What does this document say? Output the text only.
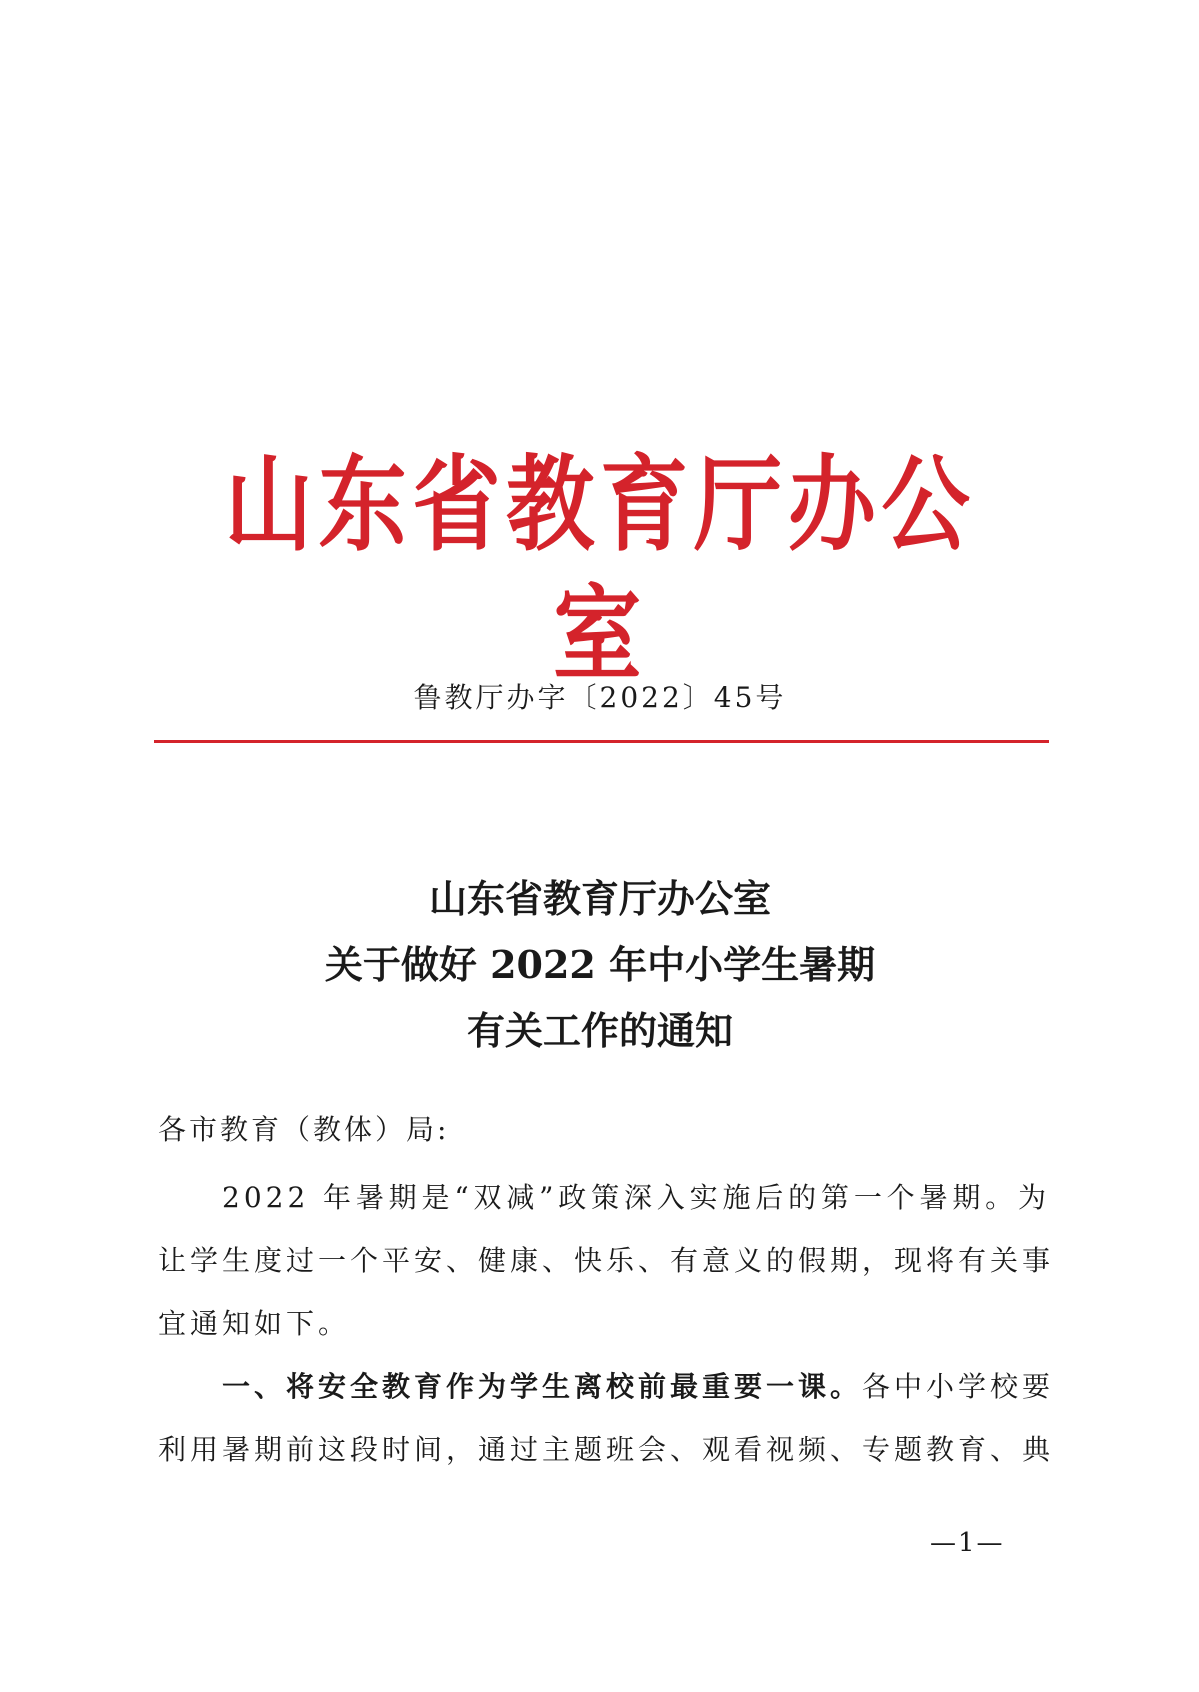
山东省教育厅办公室
鲁教厅办字〔2022〕45号
山东省教育厅办公室
关于做好 2022 年中小学生暑期
有关工作的通知
各市教育（教体）局:
2022 年暑期是“双减”政策深入实施后的第一个暑期。为
让学生度过一个平安、健康、快乐、有意义的假期，现将有关事
宜通知如下。
一、将安全教育作为学生离校前最重要一课。各中小学校要
利用暑期前这段时间，通过主题班会、观看视频、专题教育、典
—1—
